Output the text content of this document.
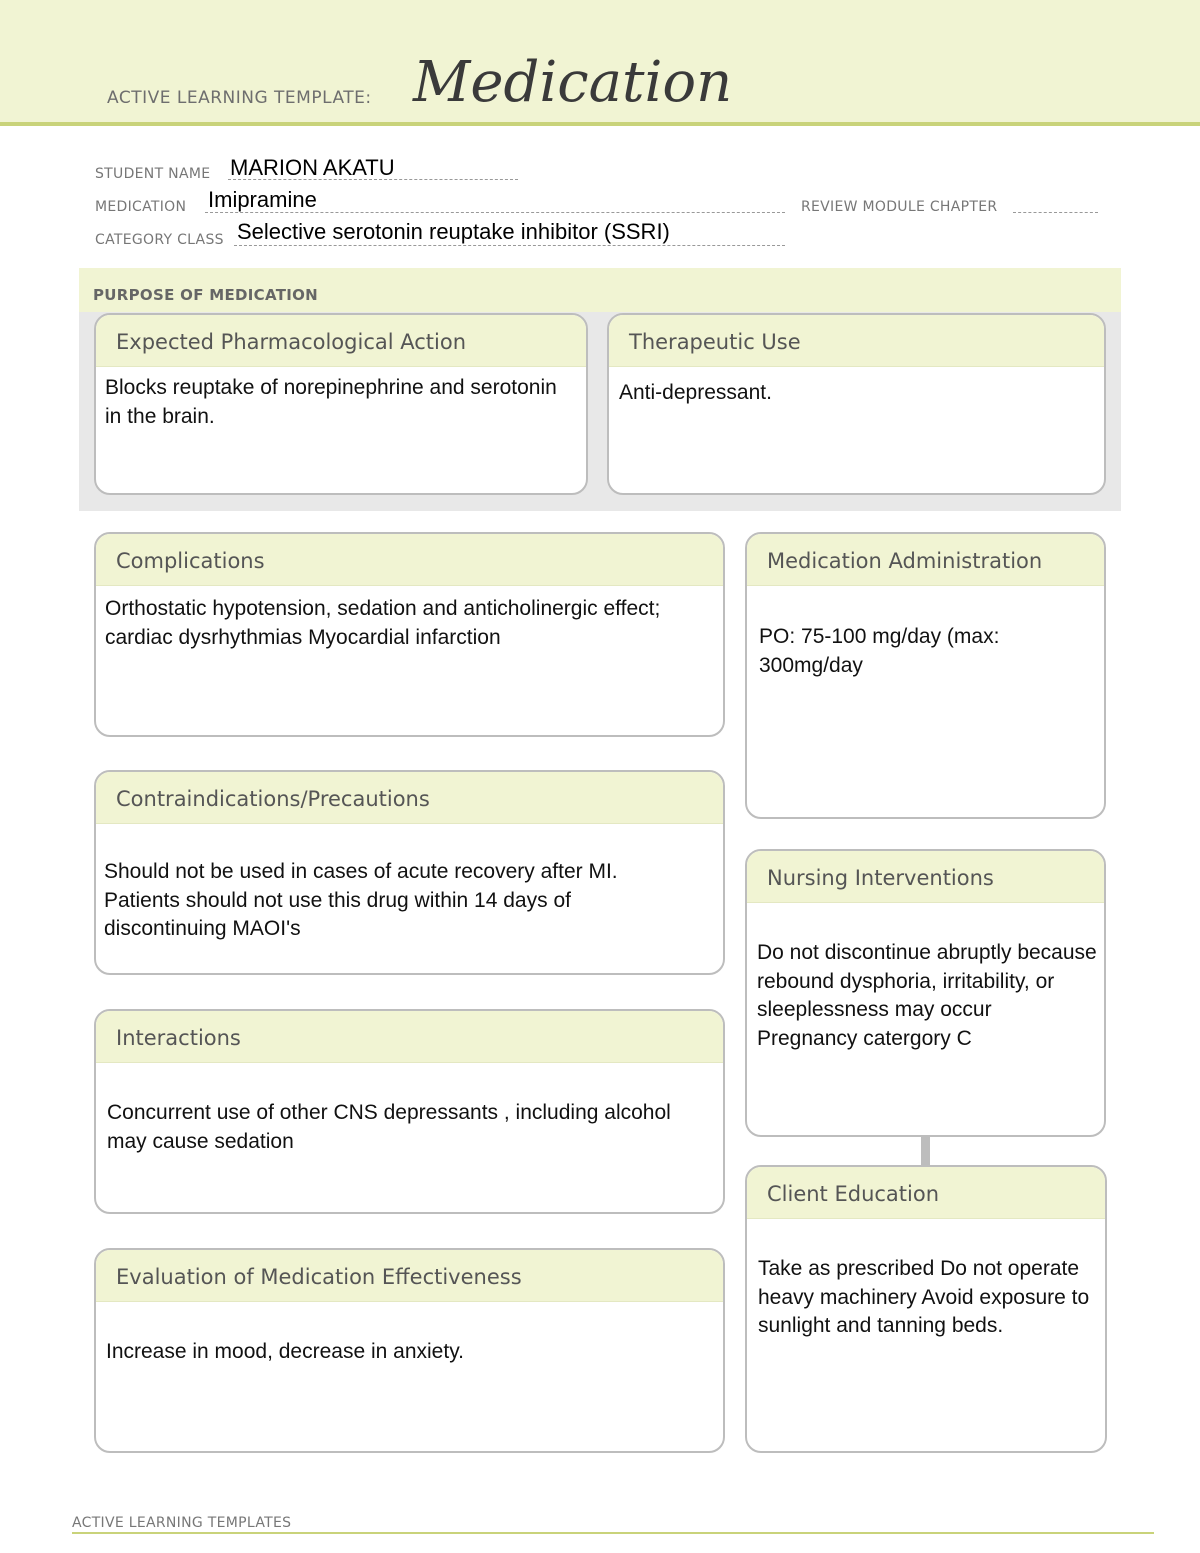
ACTIVE LEARNING TEMPLATE: Medication
STUDENT NAME MARION AKATU
MEDICATION Imipramine	REVIEW MODULE CHAPTER
CATEGORY CLASS Selective serotonin reuptake inhibitor (SSRI)
PURPOSE OF MEDICATION
Expected Pharmacological Action
Blocks reuptake of norepinephrine and serotonin in the brain.
Therapeutic Use
Anti-depressant.
Complications
Orthostatic hypotension, sedation and anticholinergic effect; cardiac dysrhythmias Myocardial infarction
Contraindications/Precautions
Should not be used in cases of acute recovery after MI. Patients should not use this drug within 14 days of discontinuing MAOI's
Interactions
Concurrent use of other CNS depressants , including alcohol may cause sedation
Evaluation of Medication Effectiveness
Increase in mood, decrease in anxiety.
Medication Administration
PO: 75-100 mg/day (max: 300mg/day
Nursing Interventions
Do not discontinue abruptly because rebound dysphoria, irritability, or sleeplessness may occur Pregnancy catergory C
Client Education
Take as prescribed Do not operate heavy machinery Avoid exposure to sunlight and tanning beds.
ACTIVE LEARNING TEMPLATES
